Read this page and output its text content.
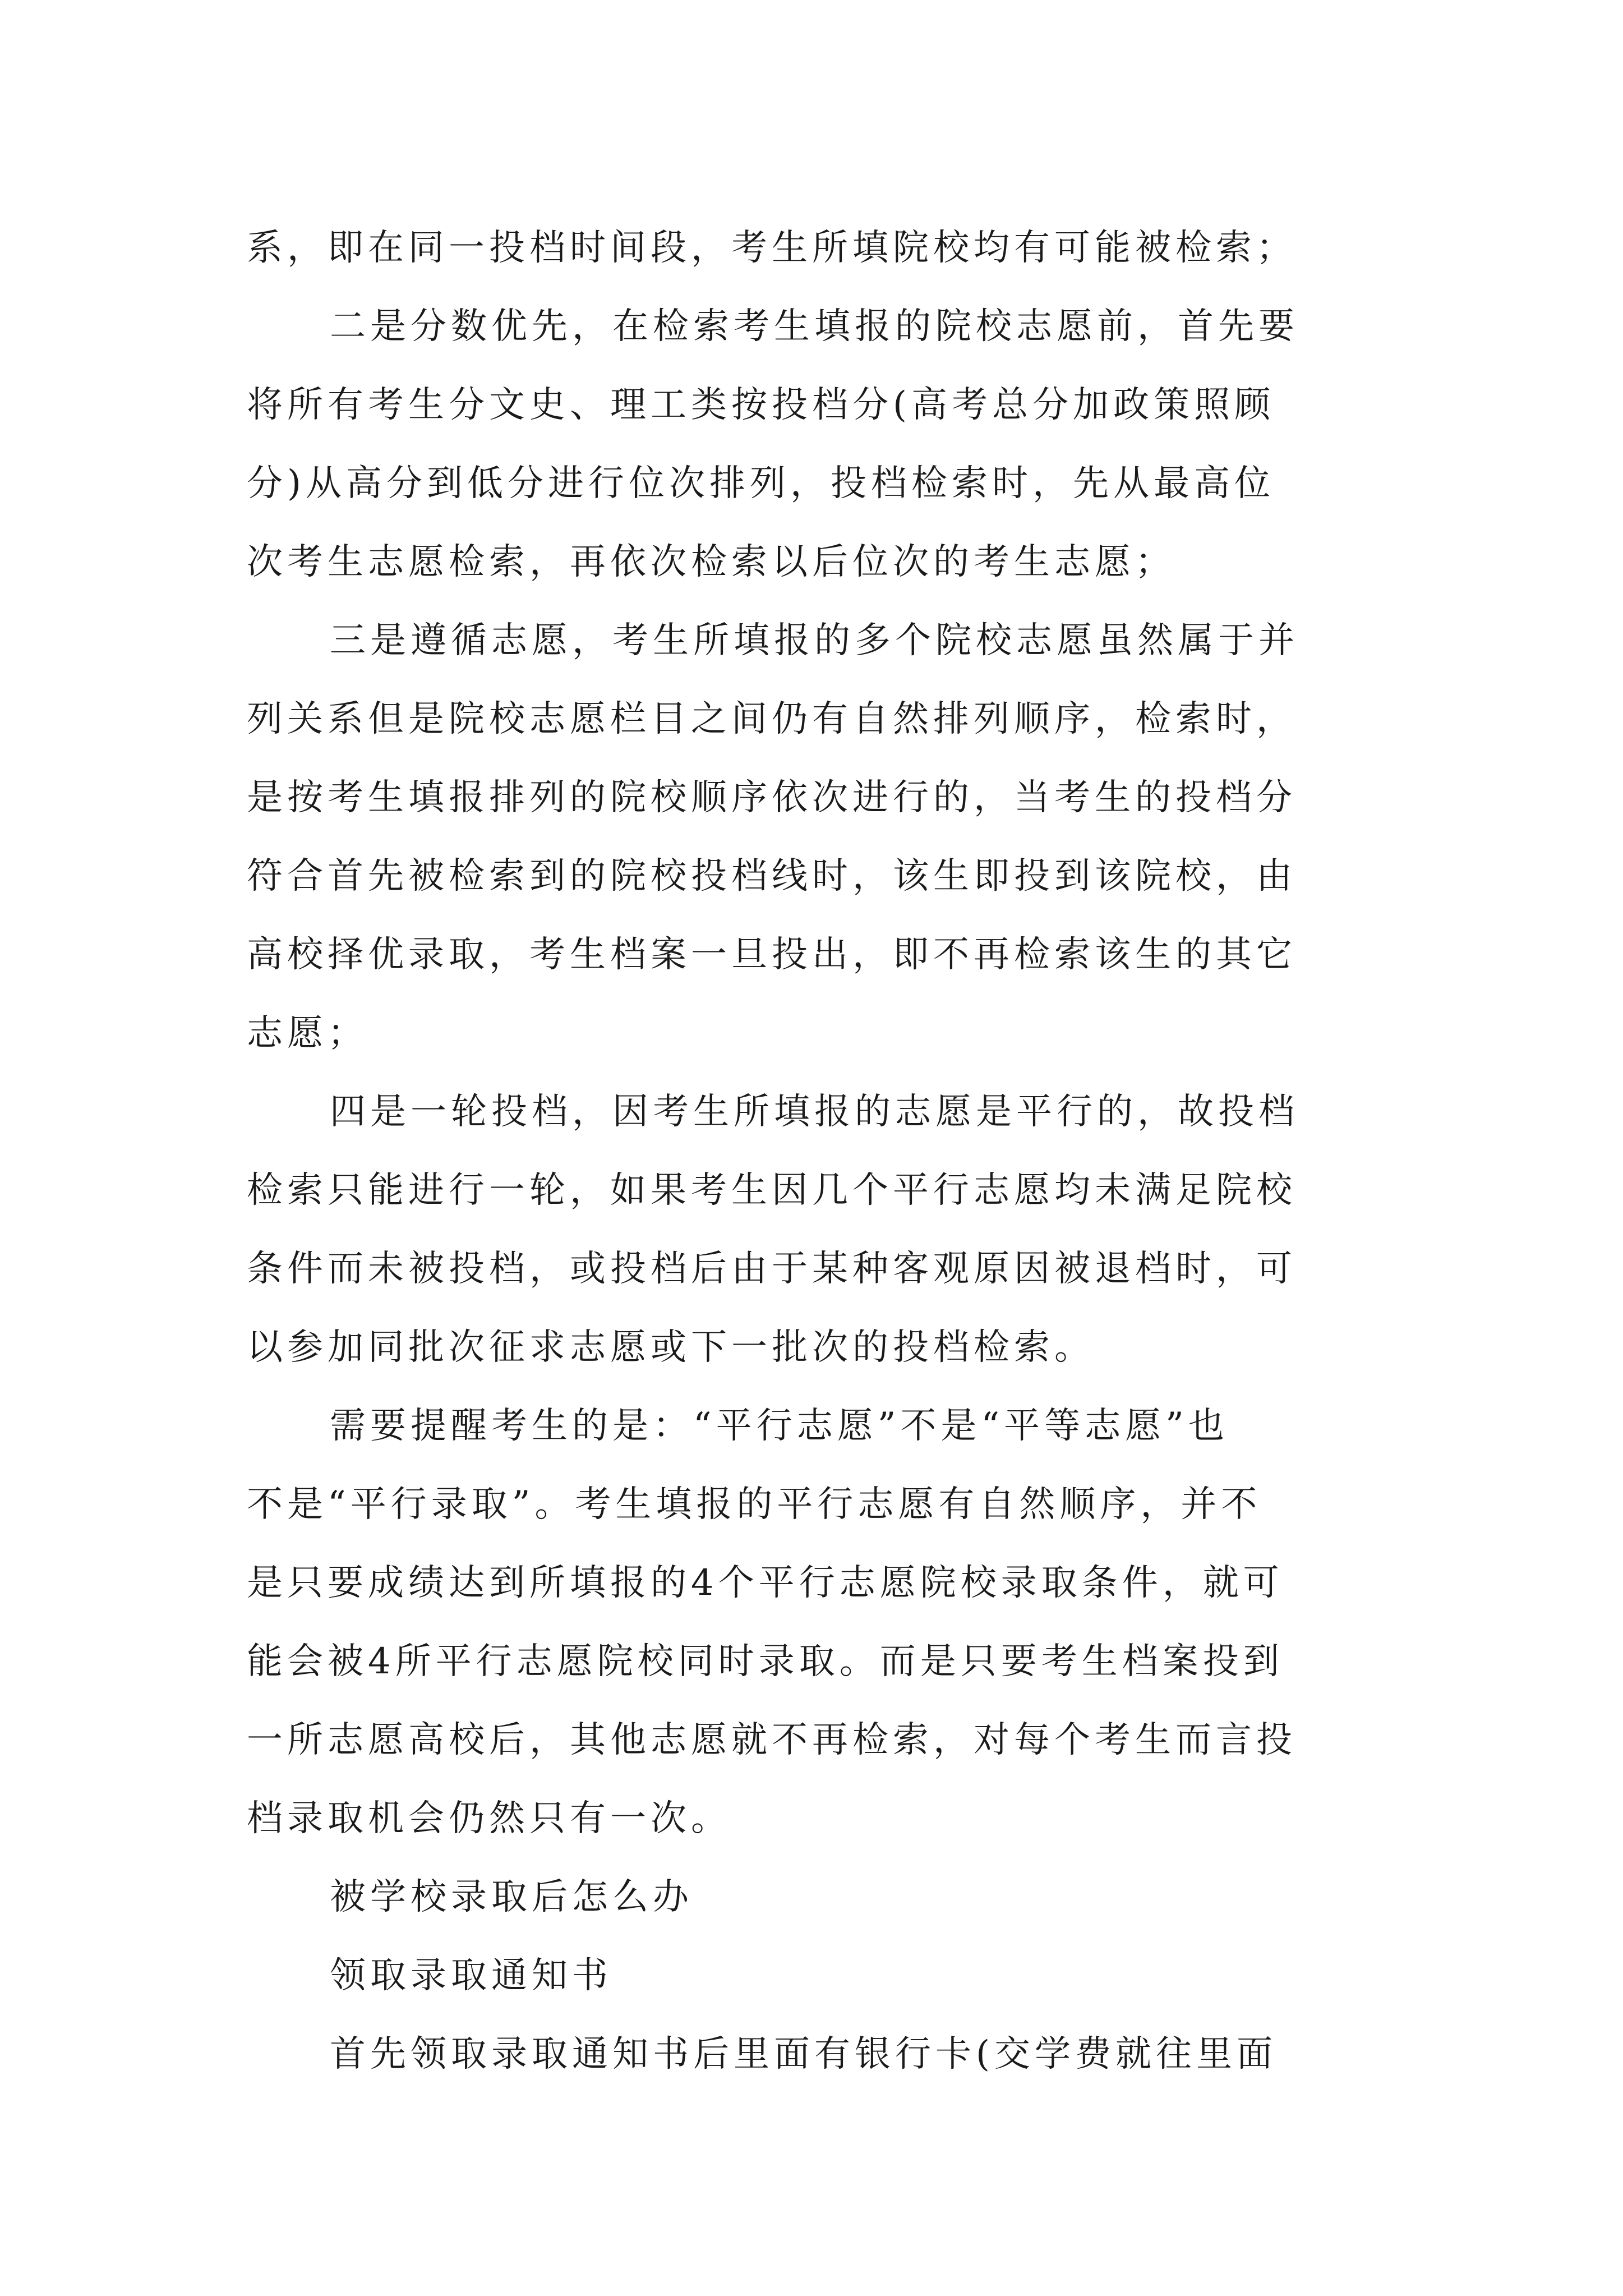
系，即在同一投档时间段，考生所填院校均有可能被检索；
二是分数优先，在检索考生填报的院校志愿前，首先要
将所有考生分文史、理工类按投档分(高考总分加政策照顾
分)从高分到低分进行位次排列，投档检索时，先从最高位
次考生志愿检索，再依次检索以后位次的考生志愿；
三是遵循志愿，考生所填报的多个院校志愿虽然属于并
列关系但是院校志愿栏目之间仍有自然排列顺序，检索时，
是按考生填报排列的院校顺序依次进行的，当考生的投档分
符合首先被检索到的院校投档线时，该生即投到该院校，由
高校择优录取，考生档案一旦投出，即不再检索该生的其它
志愿；
四是一轮投档，因考生所填报的志愿是平行的，故投档
检索只能进行一轮，如果考生因几个平行志愿均未满足院校
条件而未被投档，或投档后由于某种客观原因被退档时，可
以参加同批次征求志愿或下一批次的投档检索。
需要提醒考生的是：“平行志愿”不是“平等志愿”也
不是“平行录取”。考生填报的平行志愿有自然顺序，并不
是只要成绩达到所填报的4个平行志愿院校录取条件，就可
能会被4所平行志愿院校同时录取。而是只要考生档案投到
一所志愿高校后，其他志愿就不再检索，对每个考生而言投
档录取机会仍然只有一次。
被学校录取后怎么办
领取录取通知书
首先领取录取通知书后里面有银行卡(交学费就往里面
